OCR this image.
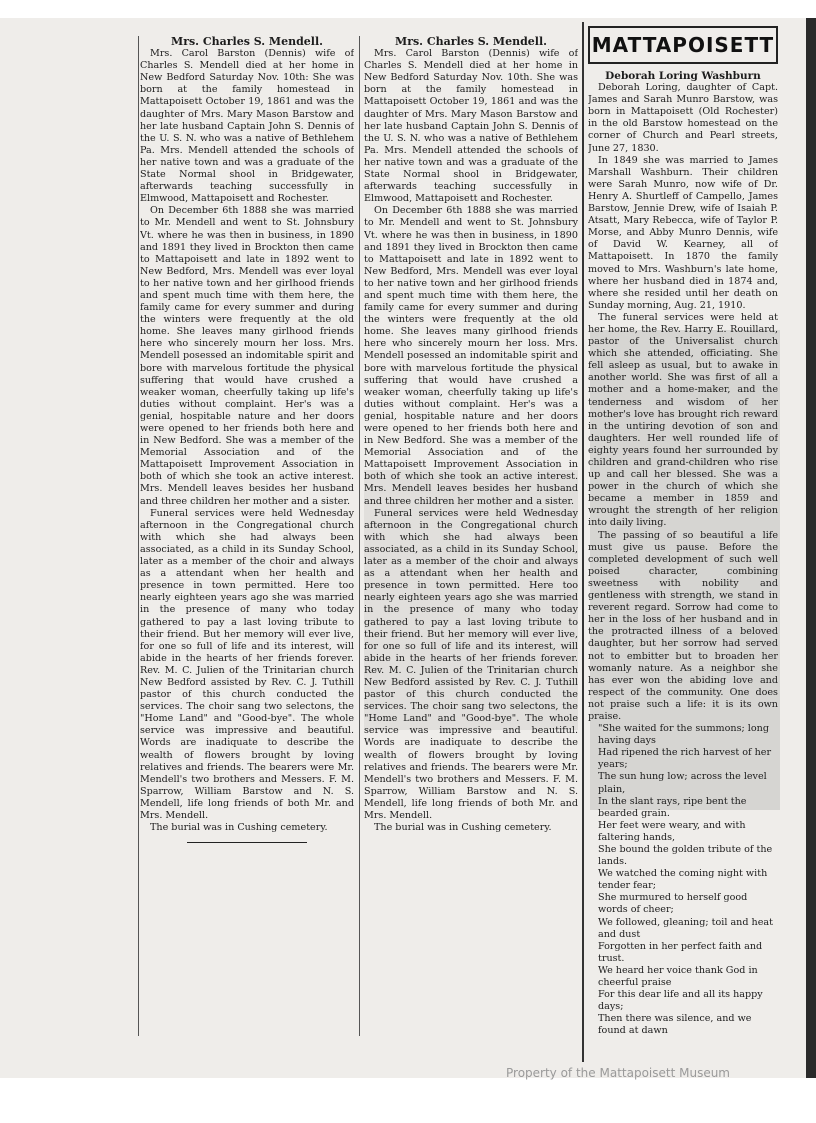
Mrs. Charles S. Mendell.

Mrs. Carol Barston (Dennis) wife of Charles S. Mendell died at her home in New Bedford Saturday Nov. 10th: She was born at the family homestead in Mattapoisett October 19, 1861 and was the daughter of Mrs. Mary Mason Barstow and her late husband Captain John S. Dennis of the U. S. N. who was a native of Bethlehem Pa. Mrs. Mendell attended the schools of her native town and was a graduate of the State Normal shool in Bridgewater, afterwards teaching successfully in Elmwood, Mattapoisett and Rochester.

On December 6th 1888 she was married to Mr. Mendell and went to St. Johnsbury Vt. where he was then in business, in 1890 and 1891 they lived in Brockton then came to Mattapoisett and late in 1892 went to New Bedford, Mrs. Mendell was ever loyal to her native town and her girlhood friends and spent much time with them here, the family came for every summer and during the winters were frequently at the old home. She leaves many girlhood friends here who sincerely mourn her loss. Mrs. Mendell posessed an indomitable spirit and bore with marvelous fortitude the physical suffering that would have crushed a weaker woman, cheerfully taking up life's duties without complaint. Her's was a genial, hospitable nature and her doors were opened to her friends both here and in New Bedford. She was a member of the Memorial Association and of the Mattapoisett Improvement Association in both of which she took an active interest. Mrs. Mendell leaves besides her husband and three children her mother and a sister.

Funeral services were held Wednesday afternoon in the Congregational church with which she had always been associated, as a child in its Sunday School, later as a member of the choir and always as a attendant when her health and presence in town permitted. Here too nearly eighteen years ago she was married in the presence of many who today gathered to pay a last loving tribute to their friend. But her memory will ever live, for one so full of life and its interest, will abide in the hearts of her friends forever. Rev. M. C. Julien of the Trinitarian church New Bedford assisted by Rev. C. J. Tuthill pastor of this church conducted the services. The choir sang two selectons, the "Home Land" and "Good-bye". The whole service was impressive and beautiful. Words are inadiquate to describe the wealth of flowers brought by loving relatives and friends. The bearers were Mr. Mendell's two brothers and Messers. F. M. Sparrow, William Barstow and N. S. Mendell, life long friends of both Mr. and Mrs. Mendell.

The burial was in Cushing cemetery.

Mrs. Charles S. Mendell.

Mrs. Carol Barston (Dennis) wife of Charles S. Mendell died at her home in New Bedford Saturday Nov. 10th. She was born at the family homestead in Mattapoisett October 19, 1861 and was the daughter of Mrs. Mary Mason Barstow and her late husband Captain John S. Dennis of the U. S. N. who was a native of Bethlehem Pa. Mrs. Mendell attended the schools of her native town and was a graduate of the State Normal shool in Bridgewater, afterwards teaching successfully in Elmwood, Mattapoisett and Rochester.

On December 6th 1888 she was married to Mr. Mendell and went to St. Johnsbury Vt. where he was then in business, in 1890 and 1891 they lived in Brockton then came to Mattapoisett and late in 1892 went to New Bedford, Mrs. Mendell was ever loyal to her native town and her girlhood friends and spent much time with them here, the family came for every summer and during the winters were frequently at the old home. She leaves many girlhood friends here who sincerely mourn her loss. Mrs. Mendell posessed an indomitable spirit and bore with marvelous fortitude the physical suffering that would have crushed a weaker woman, cheerfully taking up life's duties without complaint. Her's was a genial, hospitable nature and her doors were opened to her friends both here and in New Bedford. She was a member of the Memorial Association and of the Mattapoisett Improvement Association in both of which she took an active interest. Mrs. Mendell leaves besides her husband and three children her mother and a sister.

Funeral services were held Wednesday afternoon in the Congregational church with which she had always been associated, as a child in its Sunday School, later as a member of the choir and always as a attendant when her health and presence in town permitted. Here too nearly eighteen years ago she was married in the presence of many who today gathered to pay a last loving tribute to their friend. But her memory will ever live, for one so full of life and its interest, will abide in the hearts of her friends forever. Rev. M. C. Julien of the Trinitarian church New Bedford assisted by Rev. C. J. Tuthill pastor of this church conducted the services. The choir sang two selectons, the "Home Land" and "Good-bye". The whole service was impressive and beautiful. Words are inadiquate to describe the wealth of flowers brought by loving relatives and friends. The bearers were Mr. Mendell's two brothers and Messers. F. M. Sparrow, William Barstow and N. S. Mendell, life long friends of both Mr. and Mrs. Mendell.

The burial was in Cushing cemetery.

MATTAPOISETT

Deborah Loring Washburn

Deborah Loring, daughter of Capt. James and Sarah Munro Barstow, was born in Mattapoisett (Old Rochester) in the old Barstow homestead on the corner of Church and Pearl streets, June 27, 1830.

In 1849 she was married to James Marshall Washburn. Their children were Sarah Munro, now wife of Dr. Henry A. Shurtleff of Campello, James Barstow, Jennie Drew, wife of Isaiah P. Atsatt, Mary Rebecca, wife of Taylor P. Morse, and Abby Munro Dennis, wife of David W. Kearney, all of Mattapoisett. In 1870 the family moved to Mrs. Washburn's late home, where her husband died in 1874 and, where she resided until her death on Sunday morning, Aug. 21, 1910.

The funeral services were held at her home, the Rev. Harry E. Rouillard, pastor of the Universalist church which she attended, officiating. She fell asleep as usual, but to awake in another world. She was first of all a mother and a home-maker, and the tenderness and wisdom of her mother's love has brought rich reward in the untiring devotion of son and daughters. Her well rounded life of eighty years found her surrounded by children and grand-children who rise up and call her blessed. She was a power in the church of which she became a member in 1859 and wrought the strength of her religion into daily living.

The passing of so beautiful a life must give us pause. Before the completed development of such well poised character, combining sweetness with nobility and gentleness with strength, we stand in reverent regard. Sorrow had come to her in the loss of her husband and in the protracted illness of a beloved daughter, but her sorrow had served not to embitter but to broaden her womanly nature. As a neighbor she has ever won the abiding love and respect of the community. One does not praise such a life: it is its own praise.

"She waited for the summons; long having days

Had ripened the rich harvest of her years;

The sun hung low; across the level plain,

In the slant rays, ripe bent the bearded grain.

Her feet were weary, and with faltering hands,

She bound the golden tribute of the lands.

We watched the coming night with tender fear;

She murmured to herself good words of cheer;

We followed, gleaning; toil and heat and dust

Forgotten in her perfect faith and trust.

We heard her voice thank God in cheerful praise

For this dear life and all its happy days;

Then there was silence, and we found at dawn

Property of the Mattapoisett Museum
